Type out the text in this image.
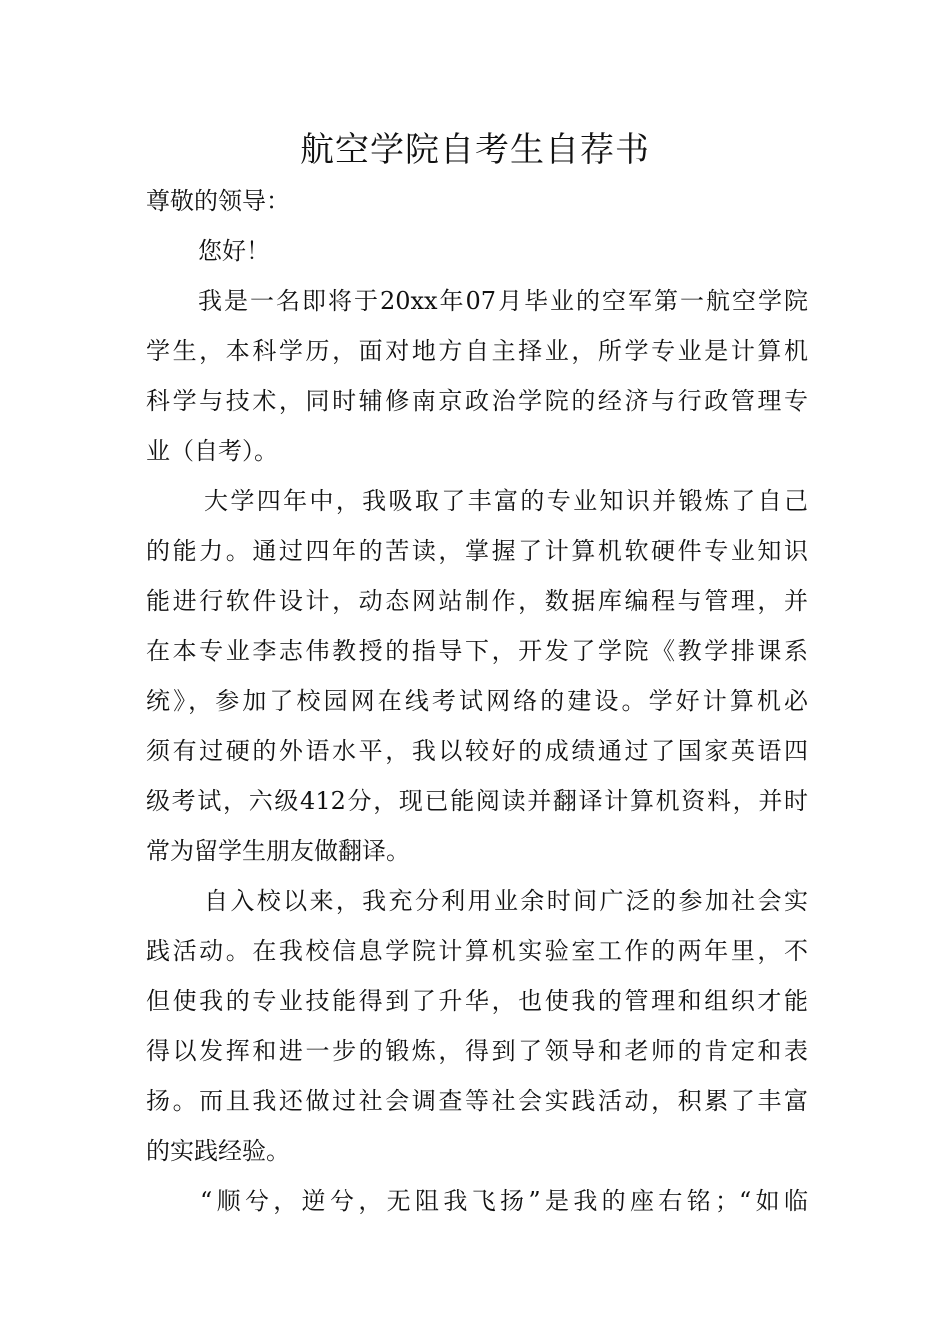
航空学院自考生自荐书
尊敬的领导：
您好！
我是一名即将于20xx年07月毕业的空军第一航空学院
学生，本科学历，面对地方自主择业，所学专业是计算机
科学与技术，同时辅修南京政治学院的经济与行政管理专
业（自考）。
大学四年中，我吸取了丰富的专业知识并锻炼了自己
的能力。通过四年的苦读，掌握了计算机软硬件专业知识
能进行软件设计，动态网站制作，数据库编程与管理，并
在本专业李志伟教授的指导下，开发了学院《教学排课系
统》，参加了校园网在线考试网络的建设。学好计算机必
须有过硬的外语水平，我以较好的成绩通过了国家英语四
级考试，六级412分，现已能阅读并翻译计算机资料，并时
常为留学生朋友做翻译。
自入校以来，我充分利用业余时间广泛的参加社会实
践活动。在我校信息学院计算机实验室工作的两年里，不
但使我的专业技能得到了升华，也使我的管理和组织才能
得以发挥和进一步的锻炼，得到了领导和老师的肯定和表
扬。而且我还做过社会调查等社会实践活动，积累了丰富
的实践经验。
“顺兮，逆兮，无阻我飞扬”是我的座右铭；“如临
